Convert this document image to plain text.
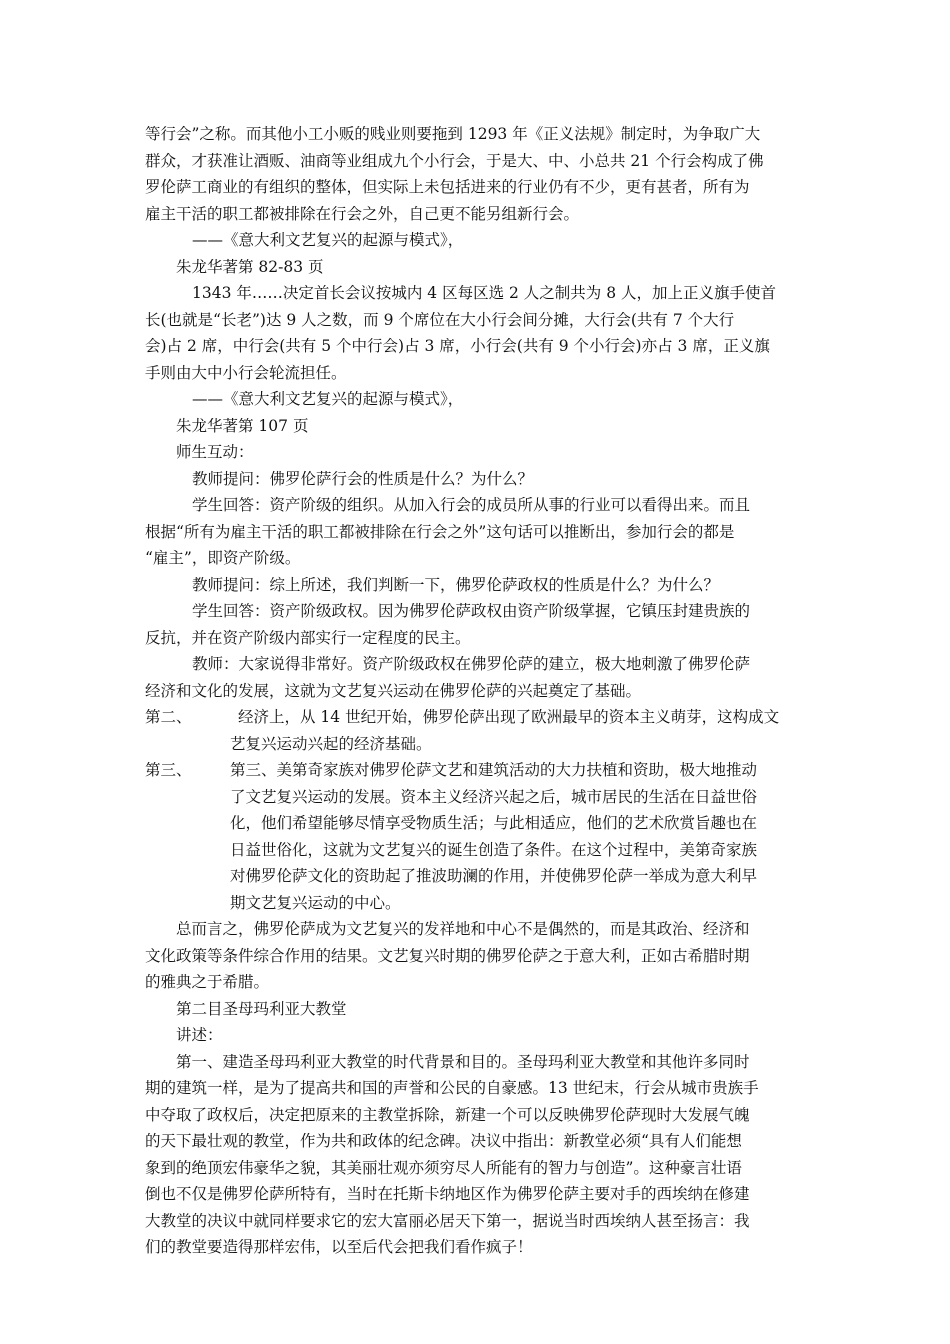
等行会”之称。而其他小工小贩的贱业则要拖到 1293 年《正义法规》制定时，为争取广大
群众，才获准让酒贩、油商等业组成九个小行会，于是大、中、小总共 21 个行会构成了佛
罗伦萨工商业的有组织的整体，但实际上未包括进来的行业仍有不少，更有甚者，所有为
雇主干活的职工都被排除在行会之外，自己更不能另组新行会。
——《意大利文艺复兴的起源与模式》，
朱龙华著第 82-83 页
1343 年……决定首长会议按城内 4 区每区选 2 人之制共为 8 人，加上正义旗手使首
长(也就是“长老”)达 9 人之数，而 9 个席位在大小行会间分摊，大行会(共有 7 个大行
会)占 2 席，中行会(共有 5 个中行会)占 3 席，小行会(共有 9 个小行会)亦占 3 席，正义旗
手则由大中小行会轮流担任。
——《意大利文艺复兴的起源与模式》，
朱龙华著第 107 页
师生互动：
教师提问：佛罗伦萨行会的性质是什么？为什么？
学生回答：资产阶级的组织。从加入行会的成员所从事的行业可以看得出来。而且
根据“所有为雇主干活的职工都被排除在行会之外”这句话可以推断出，参加行会的都是
“雇主”，即资产阶级。
教师提问：综上所述，我们判断一下，佛罗伦萨政权的性质是什么？为什么？
学生回答：资产阶级政权。因为佛罗伦萨政权由资产阶级掌握，它镇压封建贵族的
反抗，并在资产阶级内部实行一定程度的民主。
教师：大家说得非常好。资产阶级政权在佛罗伦萨的建立，极大地刺激了佛罗伦萨
经济和文化的发展，这就为文艺复兴运动在佛罗伦萨的兴起奠定了基础。
第二、	经济上，从 14 世纪开始，佛罗伦萨出现了欧洲最早的资本主义萌芽，这构成文
艺复兴运动兴起的经济基础。
第三、 第三、美第奇家族对佛罗伦萨文艺和建筑活动的大力扶植和资助，极大地推动
了文艺复兴运动的发展。资本主义经济兴起之后，城市居民的生活在日益世俗
化，他们希望能够尽情享受物质生活；与此相适应，他们的艺术欣赏旨趣也在
日益世俗化，这就为文艺复兴的诞生创造了条件。在这个过程中，美第奇家族
对佛罗伦萨文化的资助起了推波助澜的作用，并使佛罗伦萨一举成为意大利早
期文艺复兴运动的中心。
总而言之，佛罗伦萨成为文艺复兴的发祥地和中心不是偶然的，而是其政治、经济和
文化政策等条件综合作用的结果。文艺复兴时期的佛罗伦萨之于意大利，正如古希腊时期
的雅典之于希腊。
第二目圣母玛利亚大教堂
讲述：
第一、建造圣母玛利亚大教堂的时代背景和目的。圣母玛利亚大教堂和其他许多同时
期的建筑一样，是为了提高共和国的声誉和公民的自豪感。13 世纪末，行会从城市贵族手
中夺取了政权后，决定把原来的主教堂拆除，新建一个可以反映佛罗伦萨现时大发展气魄
的天下最壮观的教堂，作为共和政体的纪念碑。决议中指出：新教堂必须“具有人们能想
象到的绝顶宏伟豪华之貌，其美丽壮观亦须穷尽人所能有的智力与创造”。这种豪言壮语
倒也不仅是佛罗伦萨所特有，当时在托斯卡纳地区作为佛罗伦萨主要对手的西埃纳在修建
大教堂的决议中就同样要求它的宏大富丽必居天下第一，据说当时西埃纳人甚至扬言：我
们的教堂要造得那样宏伟，以至后代会把我们看作疯子！
